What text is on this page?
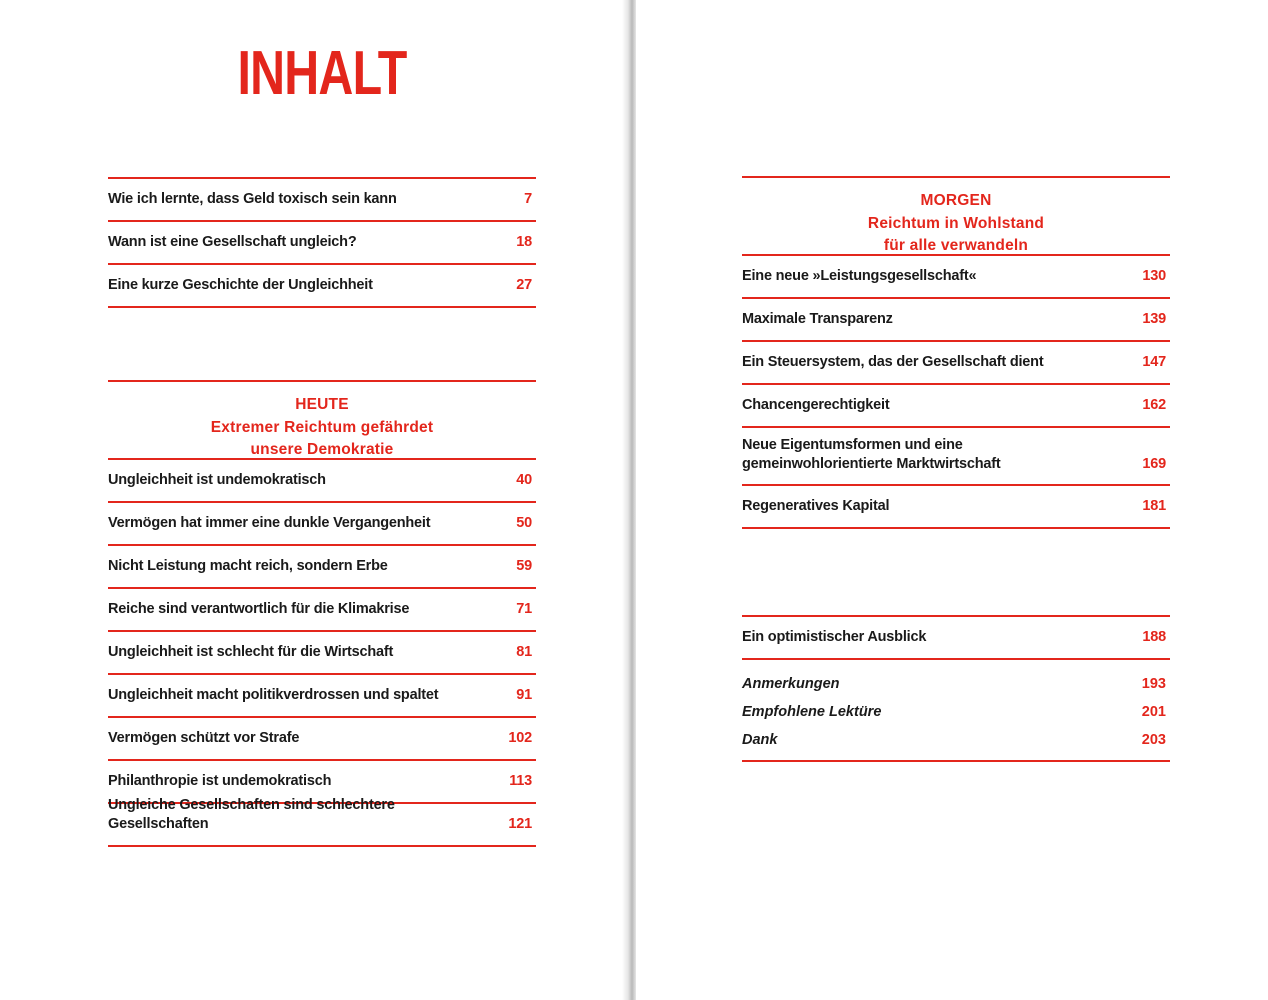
INHALT
Wie ich lernte, dass Geld toxisch sein kann	7
Wann ist eine Gesellschaft ungleich?	18
Eine kurze Geschichte der Ungleichheit	27
HEUTE
Extremer Reichtum gefährdet
unsere Demokratie
Ungleichheit ist undemokratisch	40
Vermögen hat immer eine dunkle Vergangenheit	50
Nicht Leistung macht reich, sondern Erbe	59
Reiche sind verantwortlich für die Klimakrise	71
Ungleichheit ist schlecht für die Wirtschaft	81
Ungleichheit macht politikverdrossen und spaltet	91
Vermögen schützt vor Strafe	102
Philanthropie ist undemokratisch	113
Ungleiche Gesellschaften sind schlechtere Gesellschaften	121
MORGEN
Reichtum in Wohlstand
für alle verwandeln
Eine neue »Leistungsgesellschaft«	130
Maximale Transparenz	139
Ein Steuersystem, das der Gesellschaft dient	147
Chancengerechtigkeit	162
Neue Eigentumsformen und eine
gemeinwohlorientierte Marktwirtschaft	169
Regeneratives Kapital	181
Ein optimistischer Ausblick	188
Anmerkungen	193
Empfohlene Lektüre	201
Dank	203
